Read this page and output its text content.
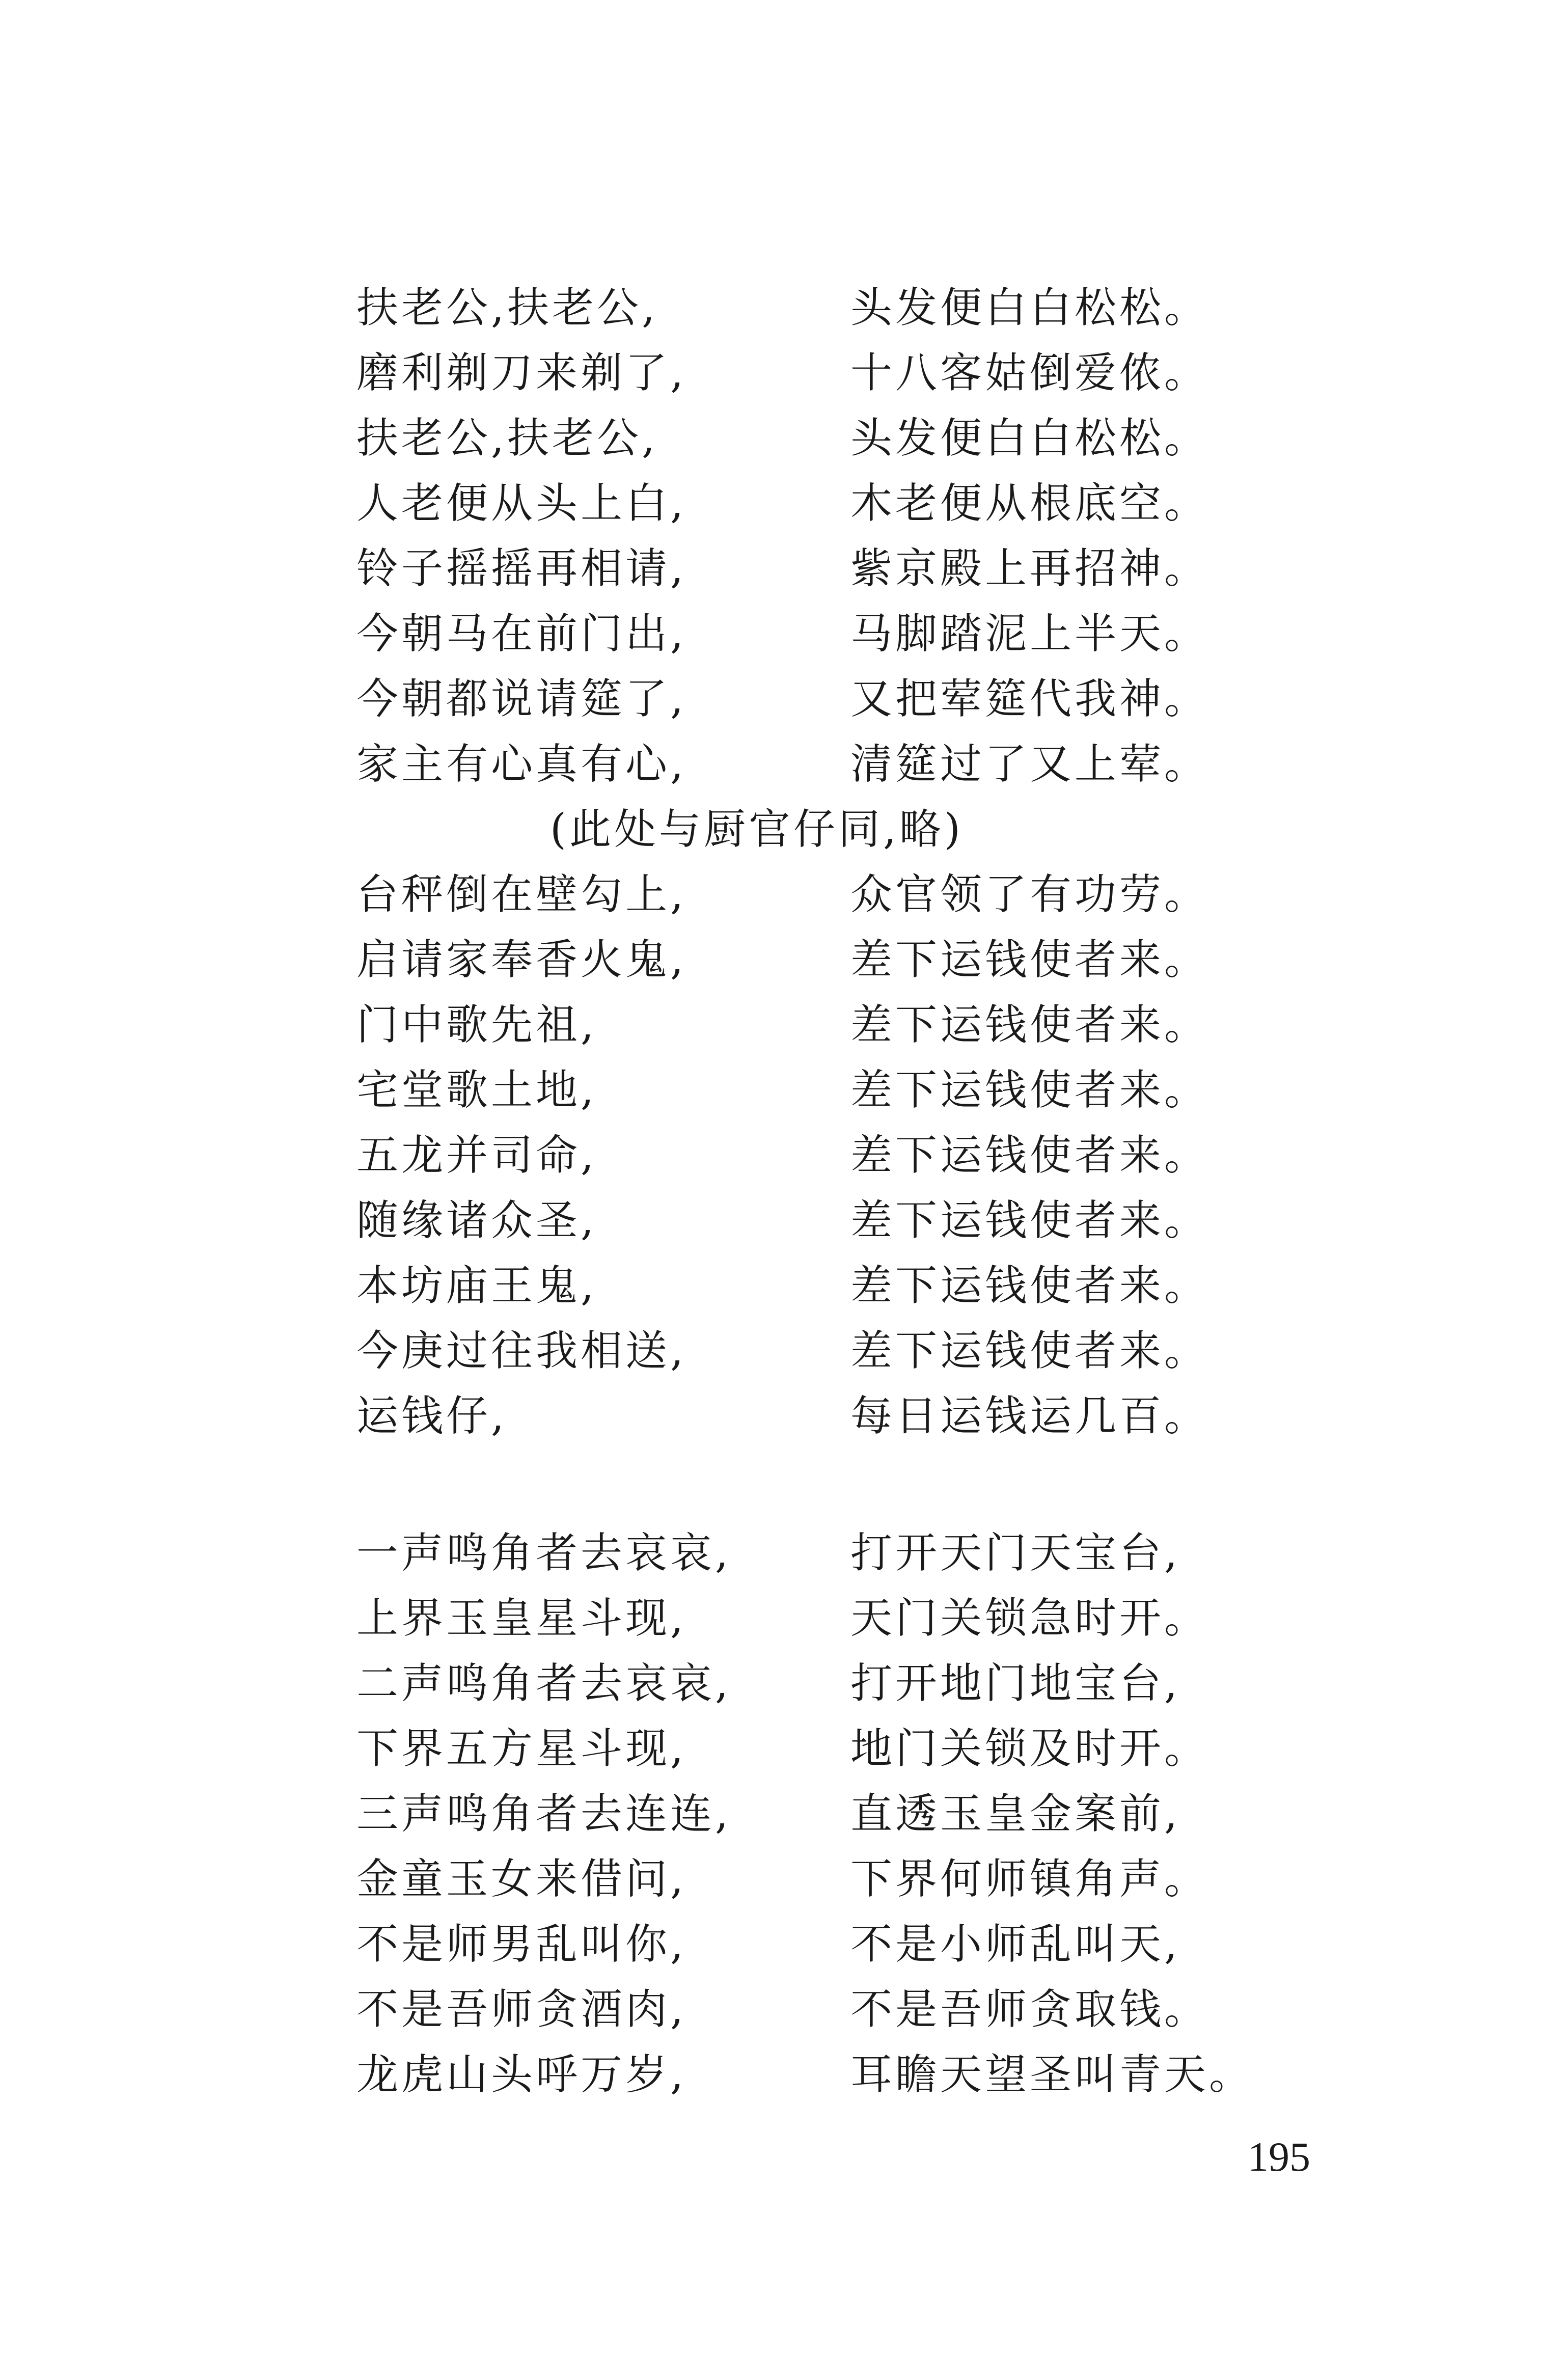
扶老公,扶老公,	头发便白白松松。
磨利剃刀来剃了,	十八客姑倒爱侬。
扶老公,扶老公,	头发便白白松松。
人老便从头上白,	木老便从根底空。
铃子摇摇再相请,	紫京殿上再招神。
今朝马在前门出,	马脚踏泥上半天。
今朝都说请筵了,	又把荤筵代我神。
家主有心真有心,	清筵过了又上荤。
(此处与厨官仔同,略)
台秤倒在壁勾上,	众官领了有功劳。
启请家奉香火鬼,	差下运钱使者来。
门中歌先祖,	差下运钱使者来。
宅堂歌土地,	差下运钱使者来。
五龙并司命,	差下运钱使者来。
随缘诸众圣,	差下运钱使者来。
本坊庙王鬼,	差下运钱使者来。
今庚过往我相送,	差下运钱使者来。
运钱仔,	每日运钱运几百。
一声鸣角者去哀哀,	打开天门天宝台,
上界玉皇星斗现,	天门关锁急时开。
二声鸣角者去哀哀,	打开地门地宝台,
下界五方星斗现,	地门关锁及时开。
三声鸣角者去连连,	直透玉皇金案前,
金童玉女来借问,	下界何师镇角声。
不是师男乱叫你,	不是小师乱叫天,
不是吾师贪酒肉,	不是吾师贪取钱。
龙虎山头呼万岁,	耳瞻天望圣叫青天。
195
